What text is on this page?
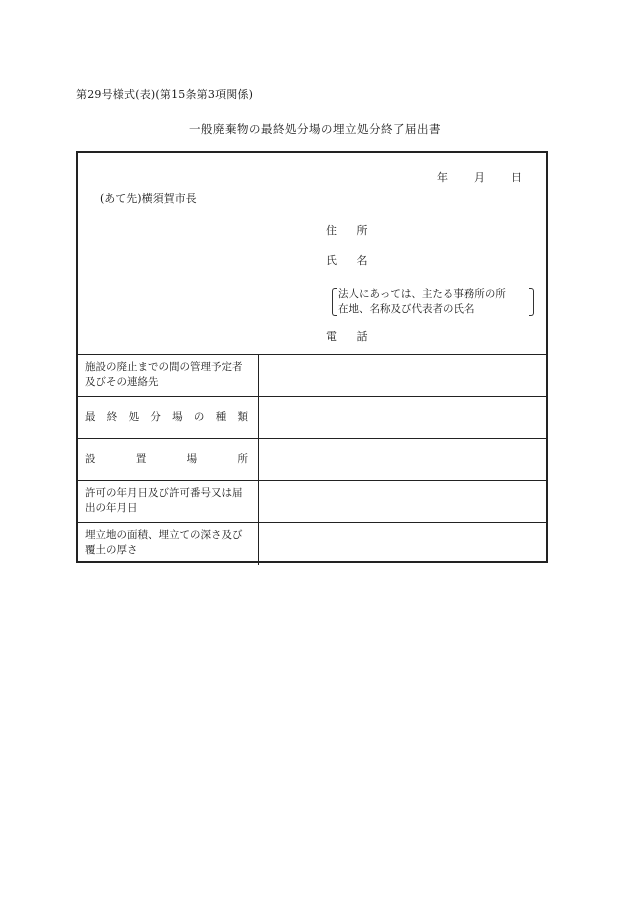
第29号様式(表)(第15条第3項関係)
一般廃棄物の最終処分場の埋立処分終了届出書
年 月 日
(あて先)横須賀市長
住 所
氏 名
法人にあっては、主たる事務所の所
在地、名称及び代表者の氏名
電 話
施設の廃止までの間の管理予定者及びその連絡先
最 終 処 分 場 の 種 類
設	置	場	所
許可の年月日及び許可番号又は届出の年月日
埋立地の面積、埋立ての深さ及び覆土の厚さ
